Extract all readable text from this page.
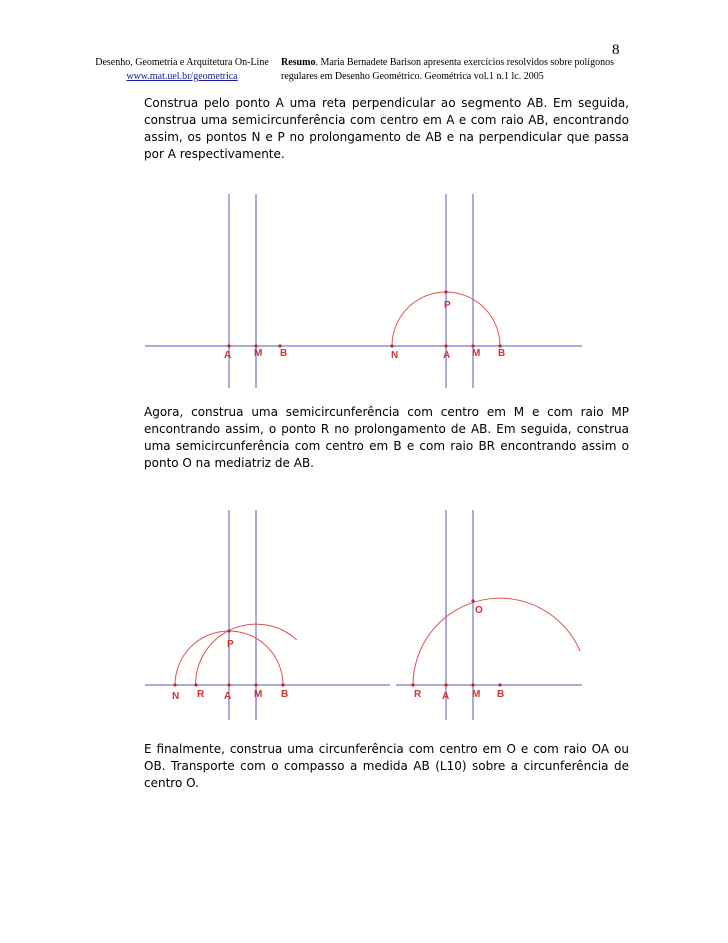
8
Desenho, Geometria e Arquitetura On-Line
www.mat.uel.br/geometrica
Resumo. Maria Bernadete Barison apresenta exercícios resolvidos sobre polígonos regulares em Desenho Geométrico. Geométrica vol.1 n.1 lc. 2005

Construa pelo ponto A uma reta perpendicular ao segmento AB. Em seguida, construa uma semicircunferência com centro em A e com raio AB, encontrando assim, os pontos N e P no prolongamento de AB e na perpendicular que passa por A respectivamente.

A M B	N	A M B
P
N R A M B
P
R A M B
O

Agora, construa uma semicircunferência com centro em M e com raio MP encontrando assim, o ponto R no prolongamento de AB. Em seguida, construa uma semicircunferência com centro em B e com raio BR encontrando assim o ponto O na mediatriz de AB.

E finalmente, construa uma circunferência com centro em O e com raio OA ou OB. Transporte com o compasso a medida AB (L10) sobre a circunferência de centro O.
